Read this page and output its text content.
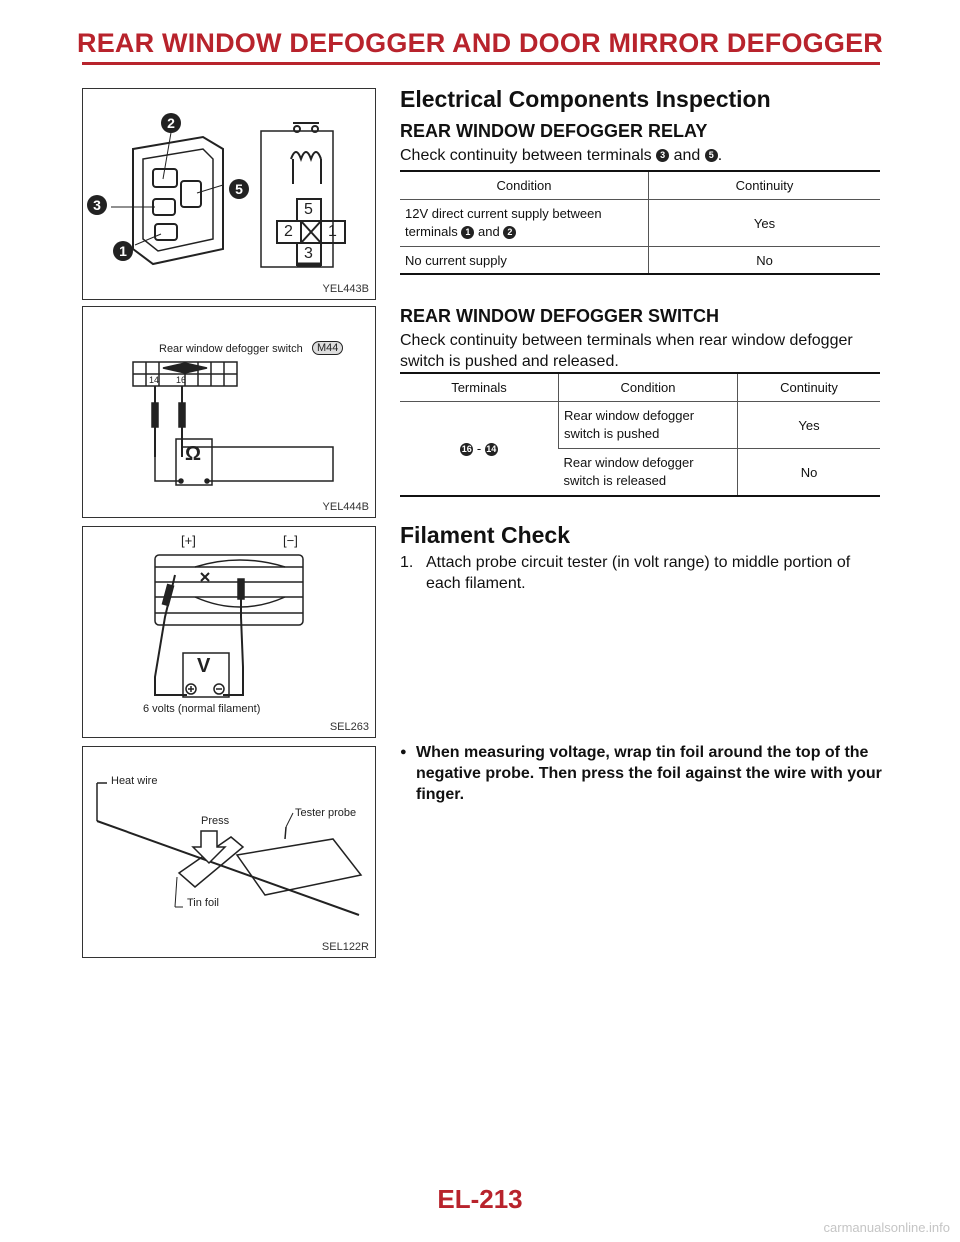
REAR WINDOW DEFOGGER AND DOOR MIRROR DEFOGGER
2
3
5
1
5
2 1
3
YEL443B
Rear window defogger switch	M44
14 16
Ω
YEL444B
[+]	[−]
V
6 volts (normal filament)
SEL263
Heat wire
Press
Tester probe
Tin foil
SEL122R
Electrical Components Inspection
REAR WINDOW DEFOGGER RELAY

Check continuity between terminals 3 and 5 .

Condition	Continuity
12V direct current supply between
terminals 1 and 2	Yes
No current supply	No
REAR WINDOW DEFOGGER SWITCH

Check continuity between terminals when rear window defogger switch is pushed and released.

Terminals	Condition	Continuity
16 - 14	Rear window defogger switch is pushed	Yes
	Rear window defogger switch is released	No
Filament Check

1. Attach probe circuit tester (in volt range) to middle portion of each filament.

● When measuring voltage, wrap tin foil around the top of the negative probe. Then press the foil against the wire with your finger.
EL-213
carmanualsonline.info
